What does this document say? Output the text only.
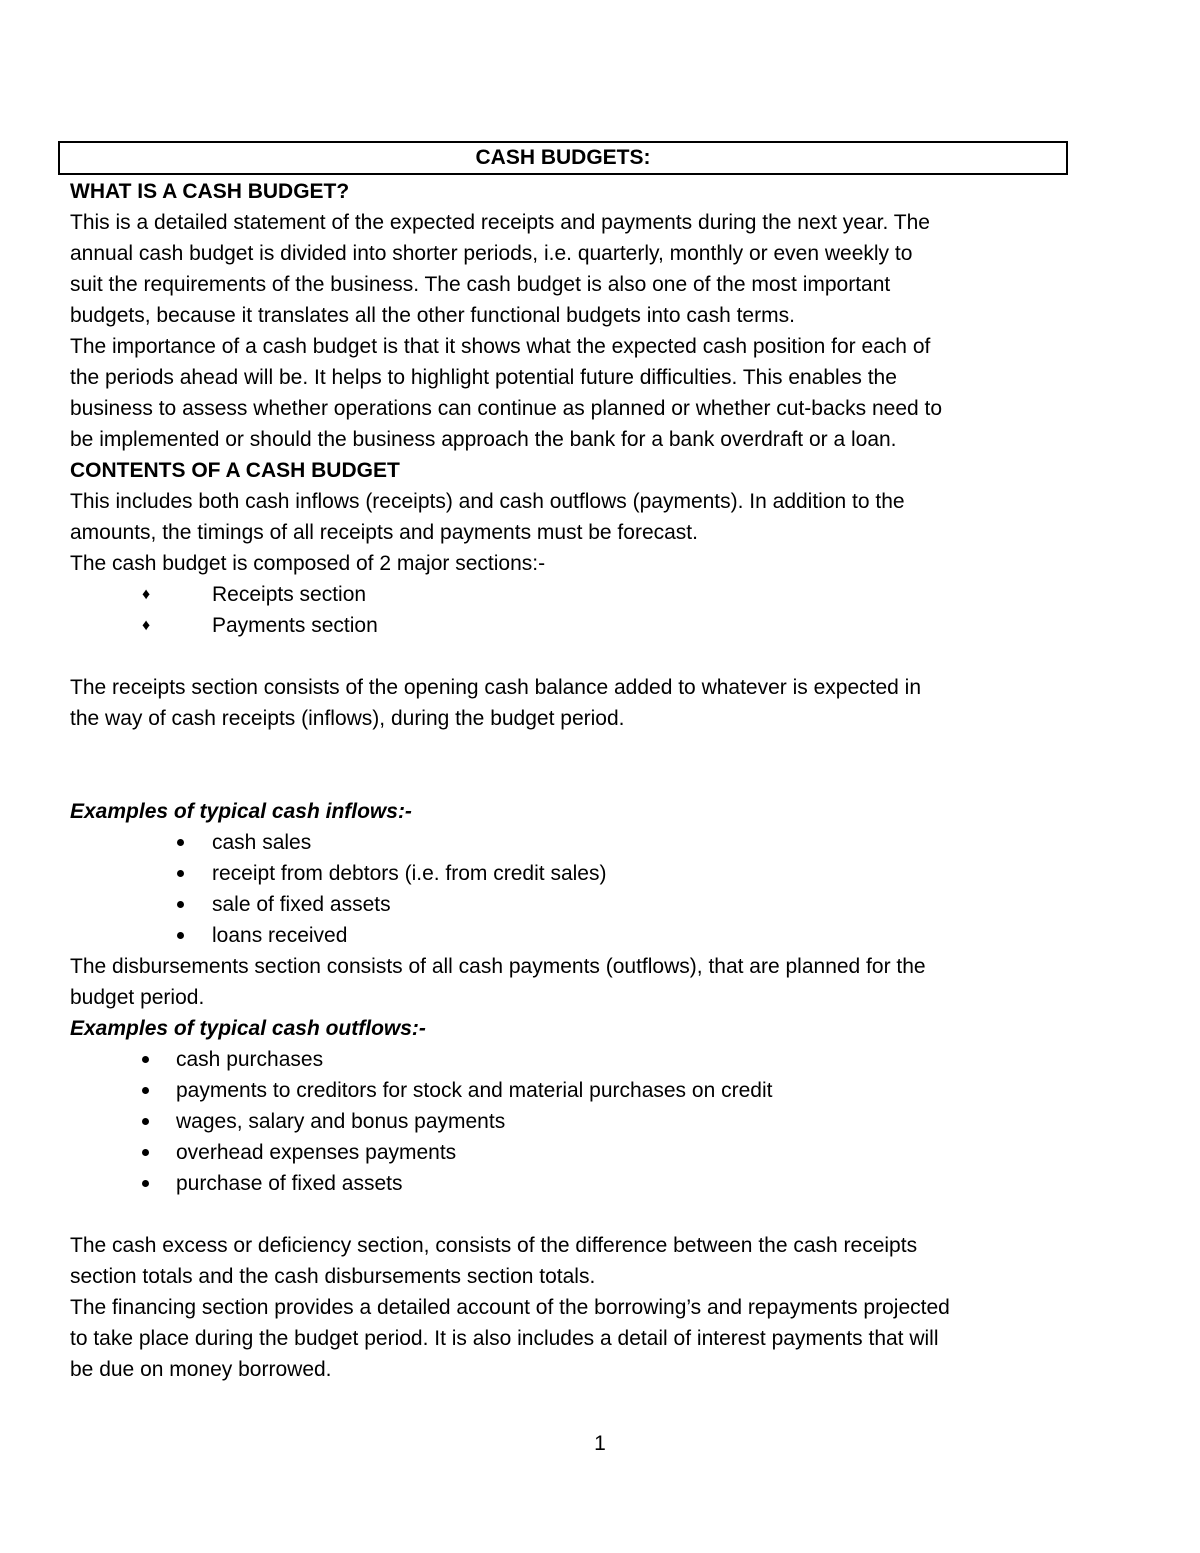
CASH BUDGETS:

WHAT IS A CASH BUDGET?

This is a detailed statement of the expected receipts and payments during the next year. The

annual cash budget is divided into shorter periods, i.e. quarterly, monthly or even weekly to

suit the requirements of the business. The cash budget is also one of the most important

budgets, because it translates all the other functional budgets into cash terms.

The importance of a cash budget is that it shows what the expected cash position for each of

the periods ahead will be. It helps to highlight potential future difficulties. This enables the

business to assess whether operations can continue as planned or whether cut-backs need to

be implemented or should the business approach the bank for a bank overdraft or a loan.

CONTENTS OF A CASH BUDGET

This includes both cash inflows (receipts) and cash outflows (payments). In addition to the

amounts, the timings of all receipts and payments must be forecast.

The cash budget is composed of 2 major sections:-

♦	Receipts section
♦	Payments section

The receipts section consists of the opening cash balance added to whatever is expected in

the way of cash receipts (inflows), during the budget period.

Examples of typical cash inflows:-

cash sales
receipt from debtors (i.e. from credit sales)
sale of fixed assets
loans received

The disbursements section consists of all cash payments (outflows), that are planned for the

budget period.

Examples of typical cash outflows:-

cash purchases
payments to creditors for stock and material purchases on credit
wages, salary and bonus payments
overhead expenses payments
purchase of fixed assets

The cash excess or deficiency section, consists of the difference between the cash receipts

section totals and the cash disbursements section totals.

The financing section provides a detailed account of the borrowing’s and repayments projected

to take place during the budget period. It is also includes a detail of interest payments that will

be due on money borrowed.

1
